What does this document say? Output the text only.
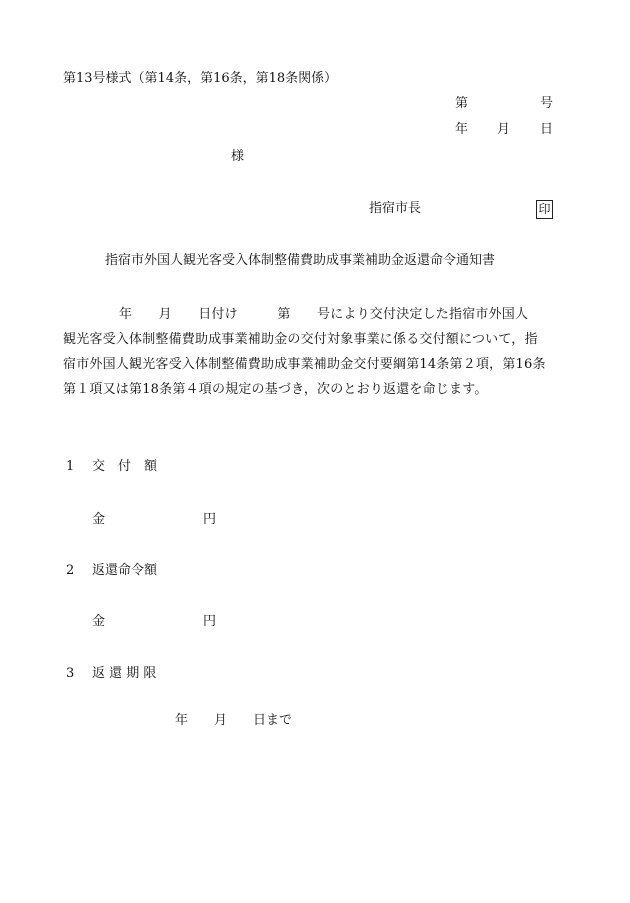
第13号様式（第14条，第16条，第18条関係）
第	号
年 月 日
様
指宿市長	印
指宿市外国人観光客受入体制整備費助成事業補助金返還命令通知書
年　　月　　日付け　　　第　　号により交付決定した指宿市外国人
観光客受入体制整備費助成事業補助金の交付対象事業に係る交付額について，指
宿市外国人観光客受入体制整備費助成事業補助金交付要綱第14条第２項，第16条
第１項又は第18条第４項の規定の基づき，次のとおり返還を命じます。
1 交　付　額
金	円
2 返還命令額
金	円
3 返 還 期 限
年　　月　　日まで
